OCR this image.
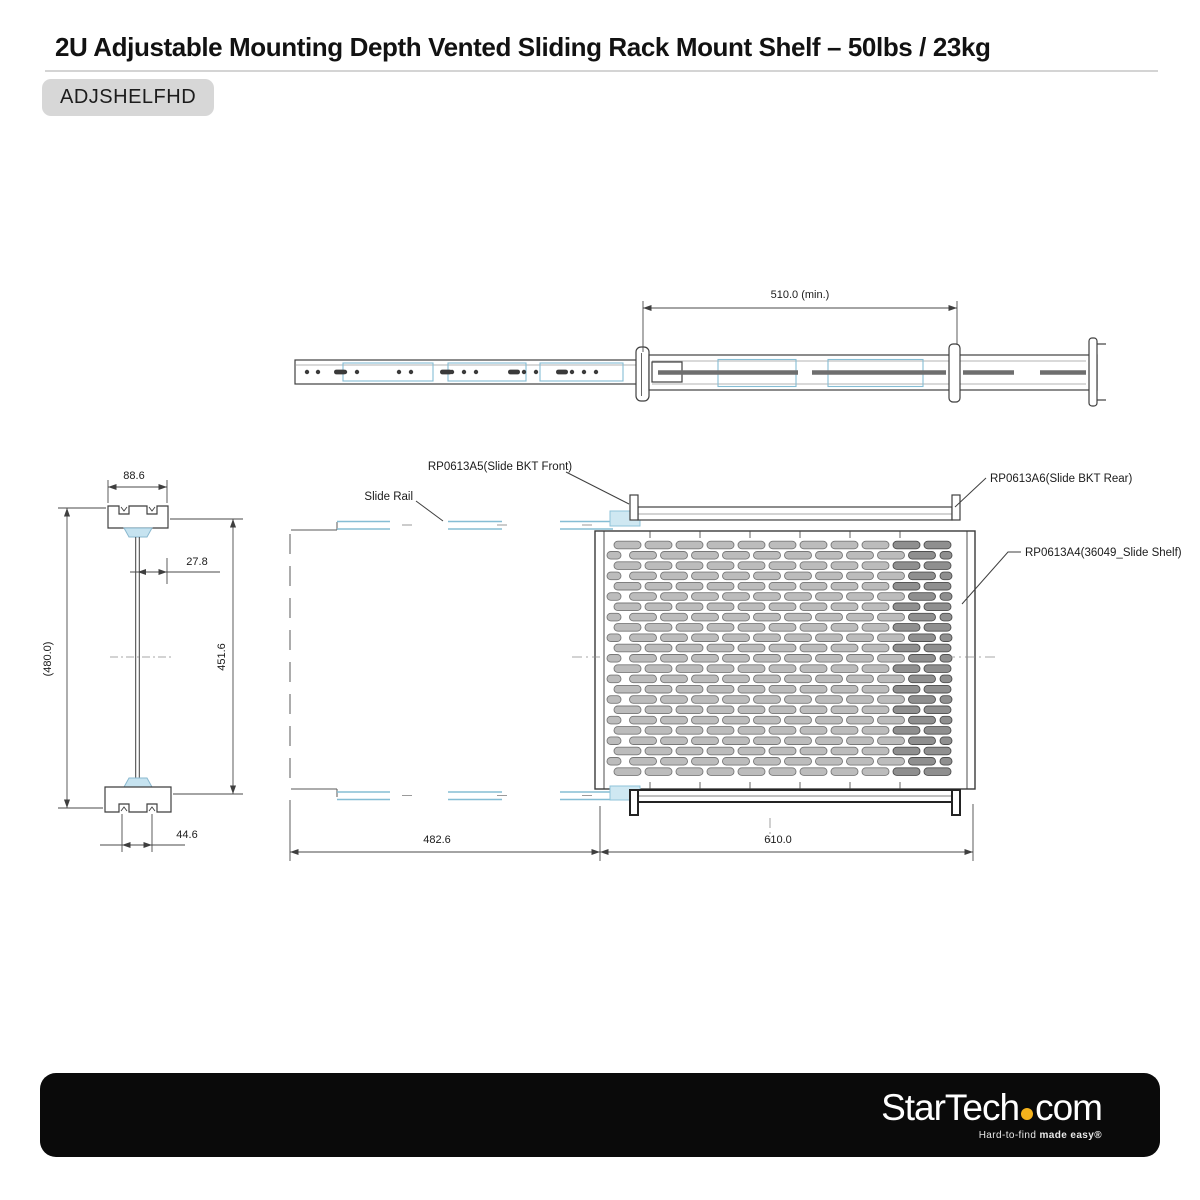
2U Adjustable Mounting Depth Vented Sliding Rack Mount Shelf – 50lbs / 23kg
ADJSHELFHD
510.0 (min.)
88.6
27.8
(480.0)	451.6
44.6
Slide Rail
RP0613A5(Slide BKT Front)
RP0613A6(Slide BKT Rear)
RP0613A4(36049_Slide Shelf)
482.6	610.0
StarTech com
Hard-to-find made easy®
